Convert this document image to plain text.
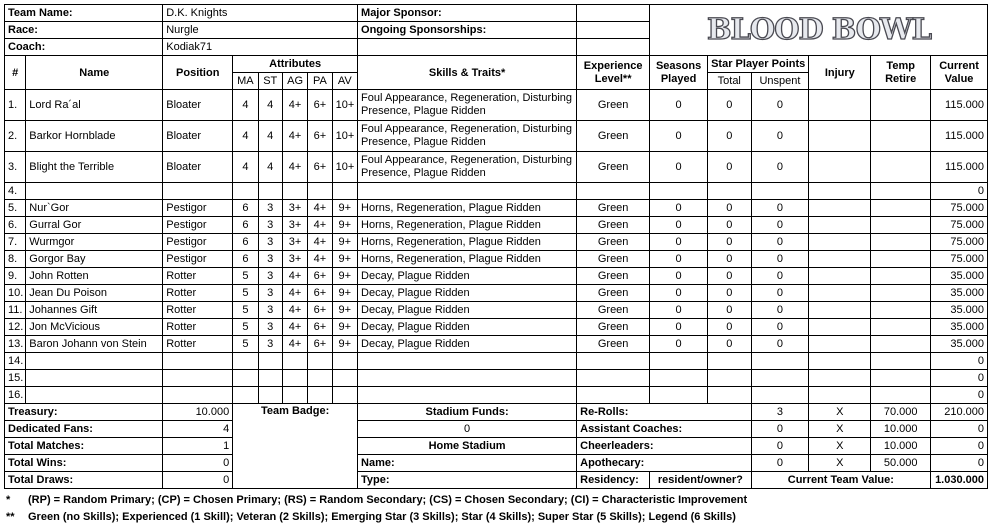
Team Name:		D.K. Knights						Major Sponsor:		BLOOD BOWL					

Race:		Nurgle						Ongoing Sponsorships:							
Coach:		Kodiak71													
#	Name	Position	Attributes					Skills & Traits*	Experience Level**	Seasons Played	Star Player Points		Injury	Temp Retire	Current Value
			MA	ST	AG	PA	AV				Total	Unspent			
1.	Lord Ra´al	Bloater	4	4	4+	6+	10+	Foul Appearance, Regeneration, Disturbing Presence, Plague Ridden	Green	0	0	0			115.000
2.	Barkor Hornblade	Bloater	4	4	4+	6+	10+	Foul Appearance, Regeneration, Disturbing Presence, Plague Ridden	Green	0	0	0			115.000
3.	Blight the Terrible	Bloater	4	4	4+	6+	10+	Foul Appearance, Regeneration, Disturbing Presence, Plague Ridden	Green	0	0	0			115.000
4.															0
5.	Nur`Gor	Pestigor	6	3	3+	4+	9+	Horns, Regeneration, Plague Ridden	Green	0	0	0			75.000
6.	Gurral Gor	Pestigor	6	3	3+	4+	9+	Horns, Regeneration, Plague Ridden	Green	0	0	0			75.000
7.	Wurmgor	Pestigor	6	3	3+	4+	9+	Horns, Regeneration, Plague Ridden	Green	0	0	0			75.000
8.	Gorgor Bay	Pestigor	6	3	3+	4+	9+	Horns, Regeneration, Plague Ridden	Green	0	0	0			75.000
9.	John Rotten	Rotter	5	3	4+	6+	9+	Decay, Plague Ridden	Green	0	0	0			35.000
10.	Jean Du Poison	Rotter	5	3	4+	6+	9+	Decay, Plague Ridden	Green	0	0	0			35.000
11.	Johannes Gift	Rotter	5	3	4+	6+	9+	Decay, Plague Ridden	Green	0	0	0			35.000
12.	Jon McVicious	Rotter	5	3	4+	6+	9+	Decay, Plague Ridden	Green	0	0	0			35.000
13.	Baron Johann von Stein	Rotter	5	3	4+	6+	9+	Decay, Plague Ridden	Green	0	0	0			35.000
14.															0
15.															0
16.															0
Treasury:		10.000	Team Badge:					Stadium Funds:	Re-Rolls:			3	X	70.000	210.000
Dedicated Fans:		4						0	Assistant Coaches:			0	X	10.000	0
Total Matches:		1						Home Stadium	Cheerleaders:			0	X	10.000	0
Total Wins:		0						Name:	Apothecary:			0	X	50.000	0
Total Draws:		0						Type:	Residency:	resident/owner?		Current Team Value:			1.030.000
* (RP) = Random Primary; (CP) = Chosen Primary; (RS) = Random Secondary; (CS) = Chosen Secondary; (CI) = Characteristic Improvement
** Green (no Skills); Experienced (1 Skill); Veteran (2 Skills); Emerging Star (3 Skills); Star (4 Skills); Super Star (5 Skills); Legend (6 Skills)
